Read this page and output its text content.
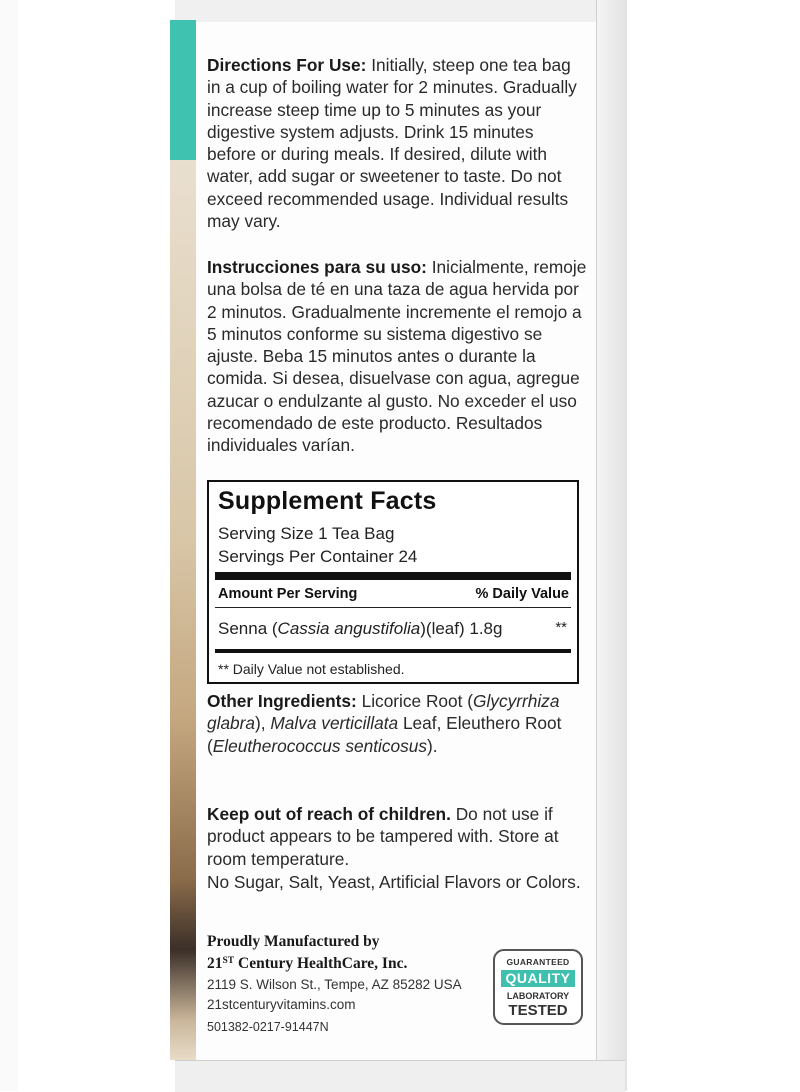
Directions For Use: Initially, steep one tea bag in a cup of boiling water for 2 minutes. Gradually increase steep time up to 5 minutes as your digestive system adjusts. Drink 15 minutes before or during meals. If desired, dilute with water, add sugar or sweetener to taste. Do not exceed recommended usage. Individual results may vary.

Instrucciones para su uso: Inicialmente, remoje una bolsa de té en una taza de agua hervida por 2 minutos. Gradualmente incremente el remojo a 5 minutos conforme su sistema digestivo se ajuste. Beba 15 minutos antes o durante la comida. Si desea, disuelvase con agua, agregue azucar o endulzante al gusto. No exceder el uso recomendado de este producto. Resultados individuales varían.

Supplement Facts
Serving Size 1 Tea Bag
Servings Per Container 24
Amount Per Serving	% Daily Value
Senna (Cassia angustifolia)(leaf) 1.8g	**
** Daily Value not established.

Other Ingredients: Licorice Root (Glycyrrhiza glabra), Malva verticillata Leaf, Eleuthero Root (Eleutherococcus senticosus).

Keep out of reach of children. Do not use if product appears to be tampered with. Store at room temperature.

No Sugar, Salt, Yeast, Artificial Flavors or Colors.

Proudly Manufactured by
21ST Century HealthCare, Inc.
2119 S. Wilson St., Tempe, AZ 85282 USA
21stcenturyvitamins.com
501382-0217-91447N
GUARANTEED
QUALITY
LABORATORY
TESTED
